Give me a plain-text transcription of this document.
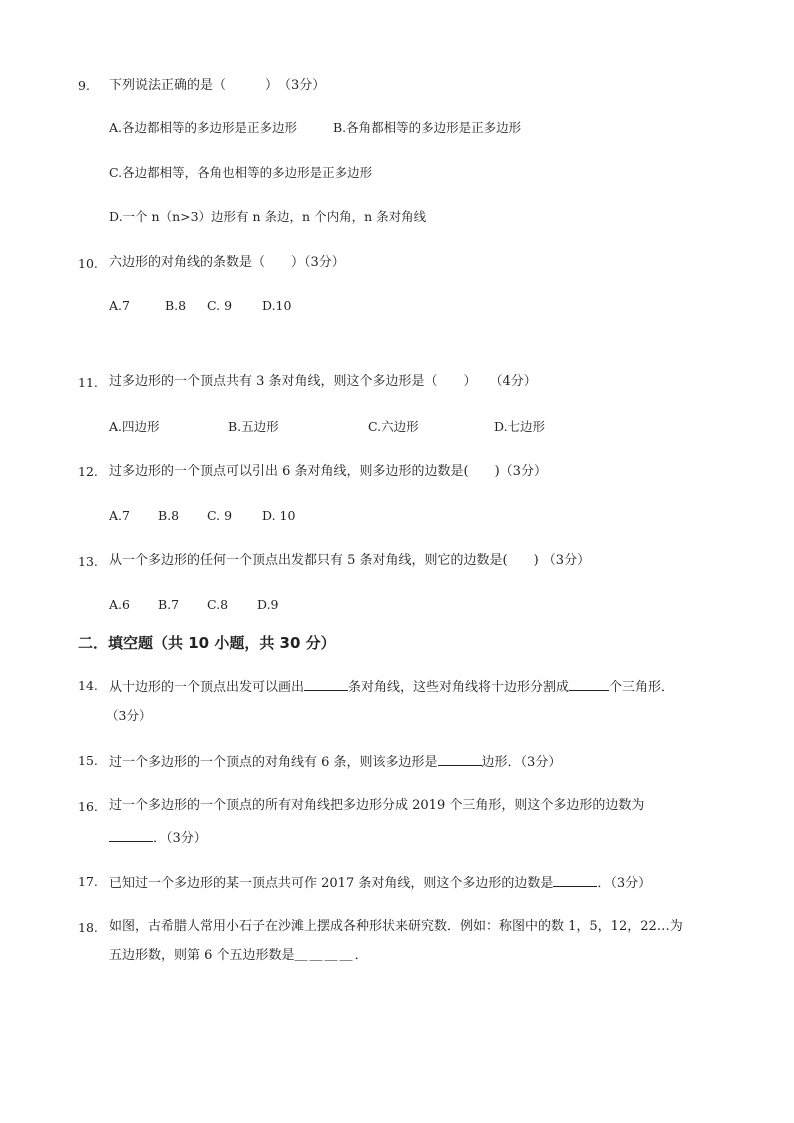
9. 下列说法正确的是（　　　）　（3分）
A.各边都相等的多边形是正多边形	B.各角都相等的多边形是正多边形
C.各边都相等，各角也相等的多边形是正多边形
D.一个 n（n>3）边形有 n 条边，n 个内角，n 条对角线
10. 六边形的对角线的条数是（　　）（3分）
A.7	B.8 C. 9 D.10
11. 过多边形的一个顶点共有 3 条对角线，则这个多边形是（　　）　　（4分）
A.四边形	B.五边形	C.六边形	D.七边形
12. 过多边形的一个顶点可以引出 6 条对角线，则多边形的边数是(　　)（3分）
A.7 B.8 C. 9 D. 10
13. 从一个多边形的任何一个顶点出发都只有 5 条对角线，则它的边数是(　　) （3分）
A.6 B.7 C.8 D.9
二．填空题（共 10 小题，共 30 分）
14. 从十边形的一个顶点出发可以画出	条对角线，这些对角线将十边形分割成	个三角形．
（3分）
15. 过一个多边形的一个顶点的对角线有 6 条，则该多边形是	边形．（3分）
16. 过一个多边形的一个顶点的所有对角线把多边形分成 2019 个三角形，则这个多边形的边数为
．（3分）
17. 已知过一个多边形的某一顶点共可作 2017 条对角线，则这个多边形的边数是	．（3分）
18. 如图，古希腊人常用小石子在沙滩上摆成各种形状来研究数．例如：称图中的数 1，5，12，22…为
五边形数，则第 6 个五边形数是＿＿＿＿．
